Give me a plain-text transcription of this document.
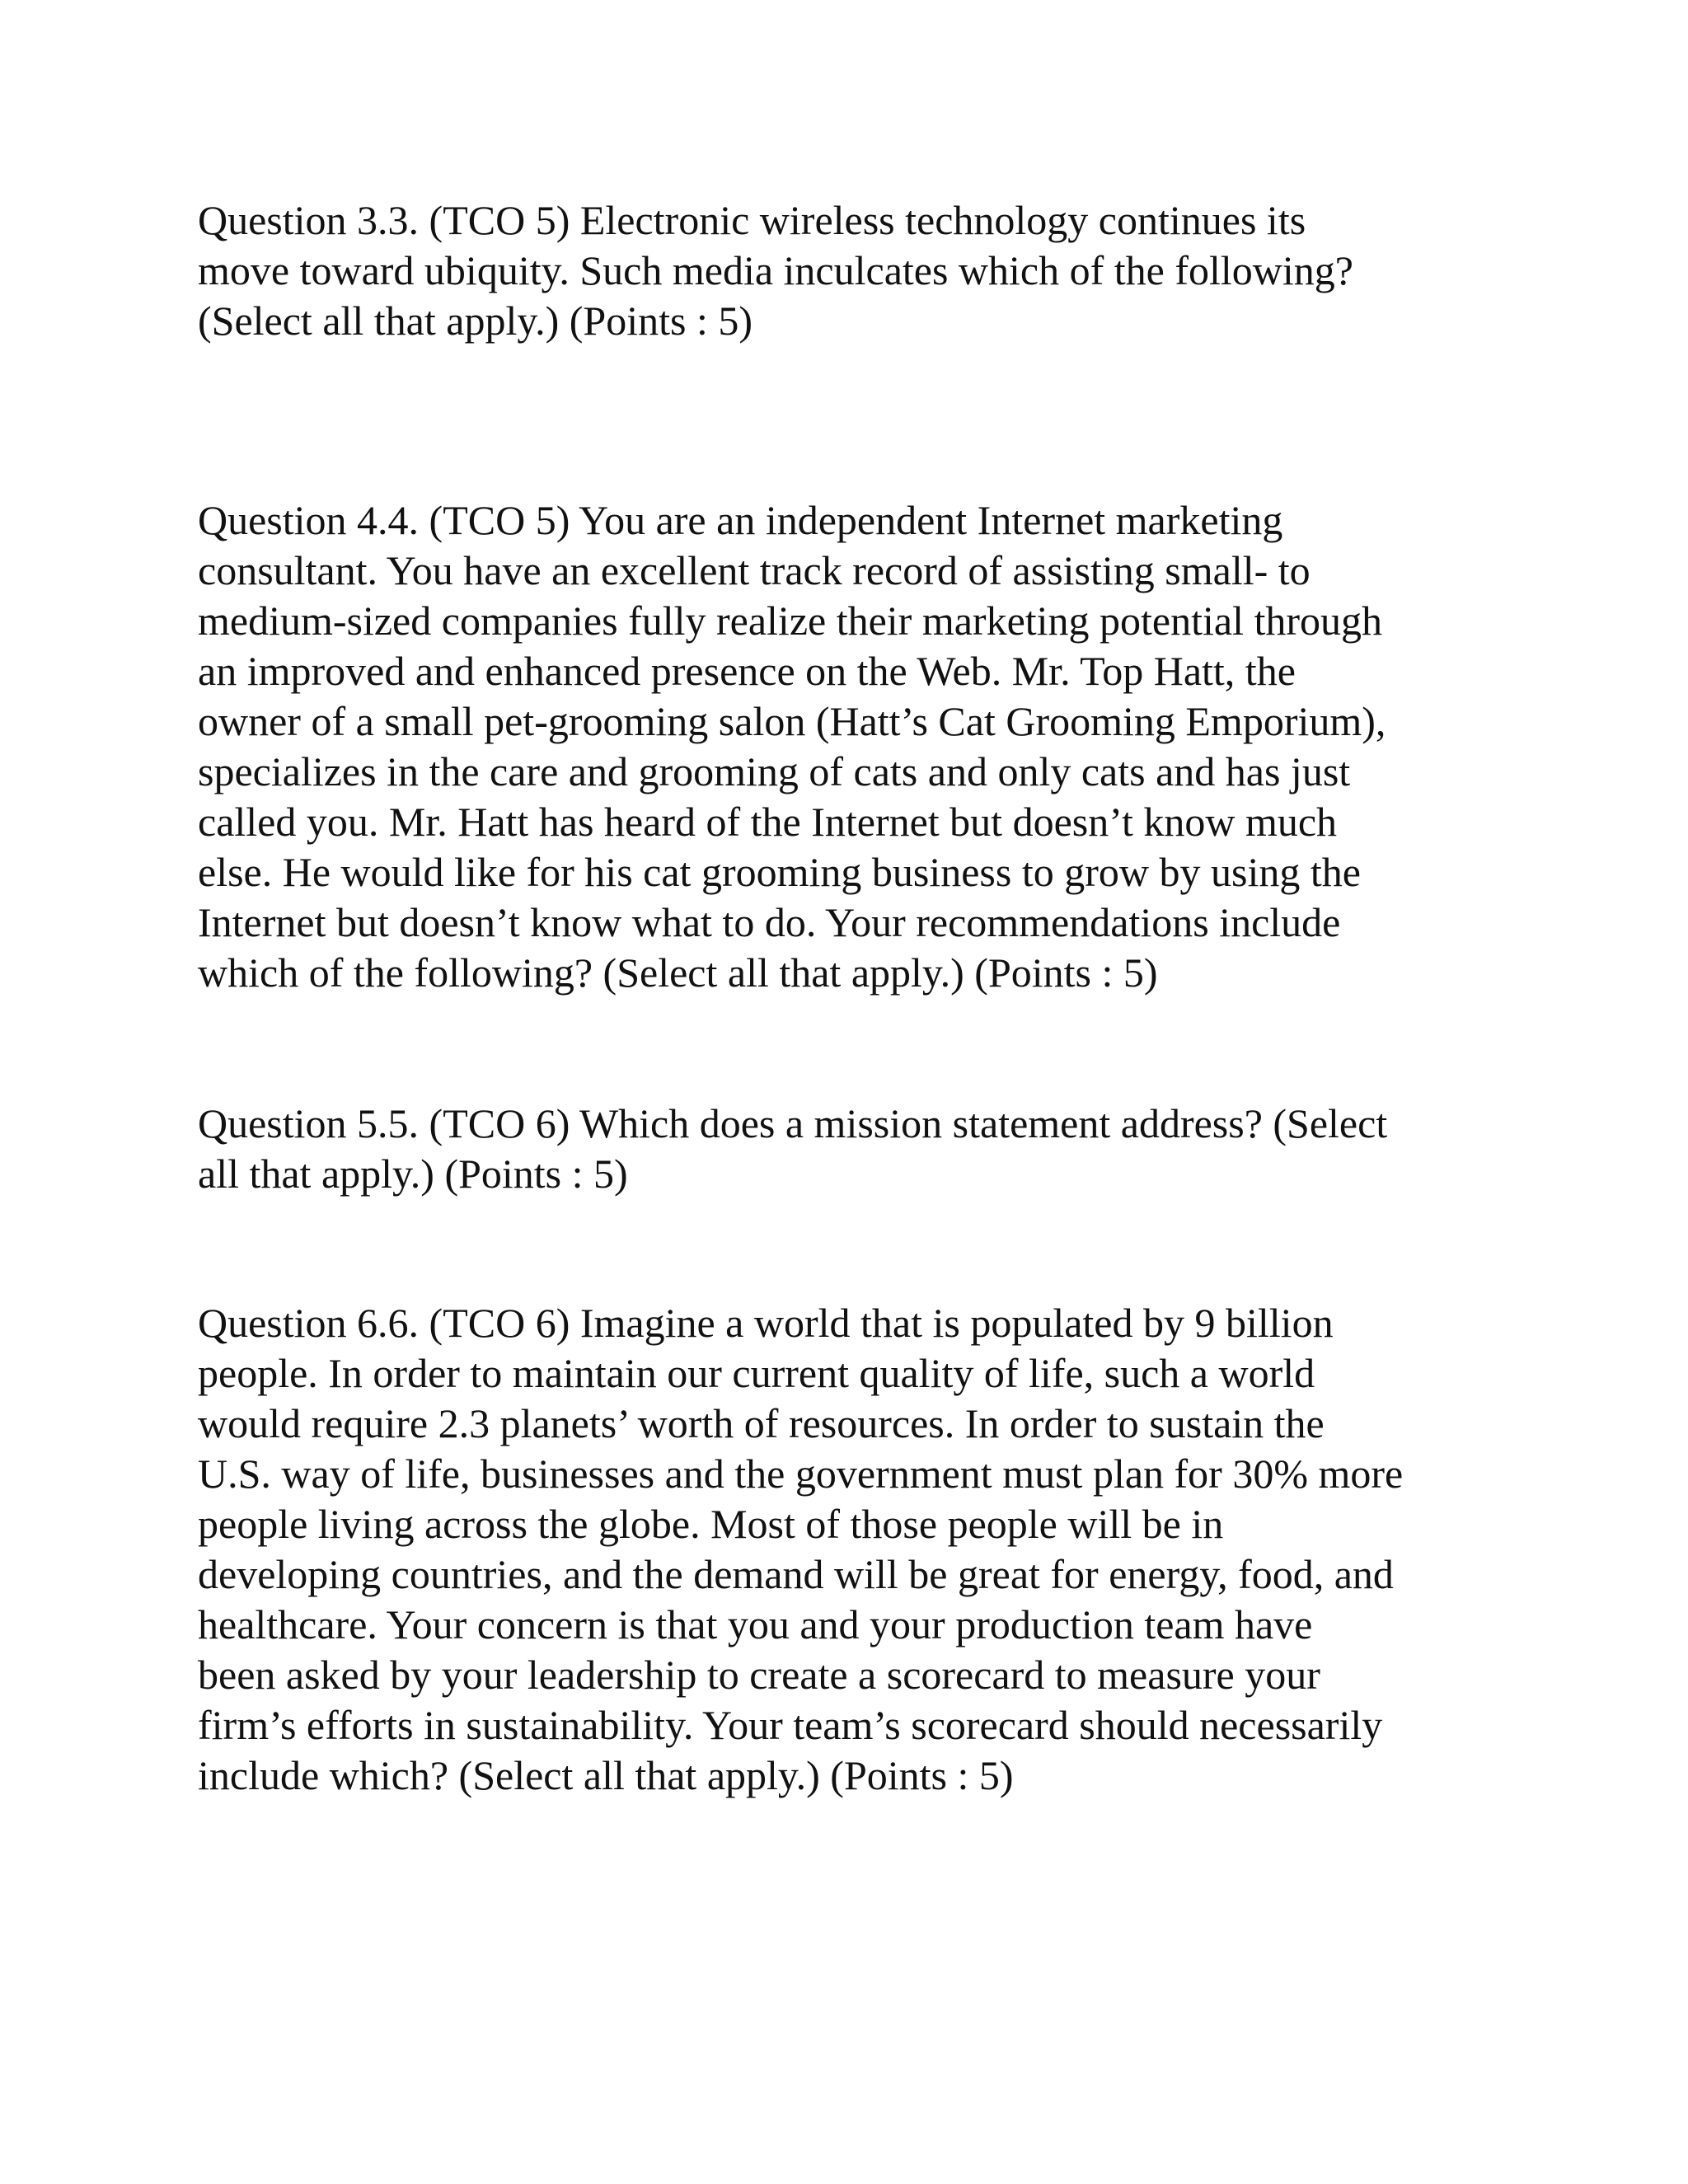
Question 3.3. (TCO 5) Electronic wireless technology continues its
move toward ubiquity. Such media inculcates which of the following?
(Select all that apply.) (Points : 5)

Question 4.4. (TCO 5) You are an independent Internet marketing
consultant. You have an excellent track record of assisting small- to
medium-sized companies fully realize their marketing potential through
an improved and enhanced presence on the Web. Mr. Top Hatt, the
owner of a small pet-grooming salon (Hatt’s Cat Grooming Emporium),
specializes in the care and grooming of cats and only cats and has just
called you. Mr. Hatt has heard of the Internet but doesn’t know much
else. He would like for his cat grooming business to grow by using the
Internet but doesn’t know what to do. Your recommendations include
which of the following? (Select all that apply.) (Points : 5)

Question 5.5. (TCO 6) Which does a mission statement address? (Select
all that apply.) (Points : 5)

Question 6.6. (TCO 6) Imagine a world that is populated by 9 billion
people. In order to maintain our current quality of life, such a world
would require 2.3 planets’ worth of resources. In order to sustain the
U.S. way of life, businesses and the government must plan for 30% more
people living across the globe. Most of those people will be in
developing countries, and the demand will be great for energy, food, and
healthcare. Your concern is that you and your production team have
been asked by your leadership to create a scorecard to measure your
firm’s efforts in sustainability. Your team’s scorecard should necessarily
include which? (Select all that apply.) (Points : 5)
